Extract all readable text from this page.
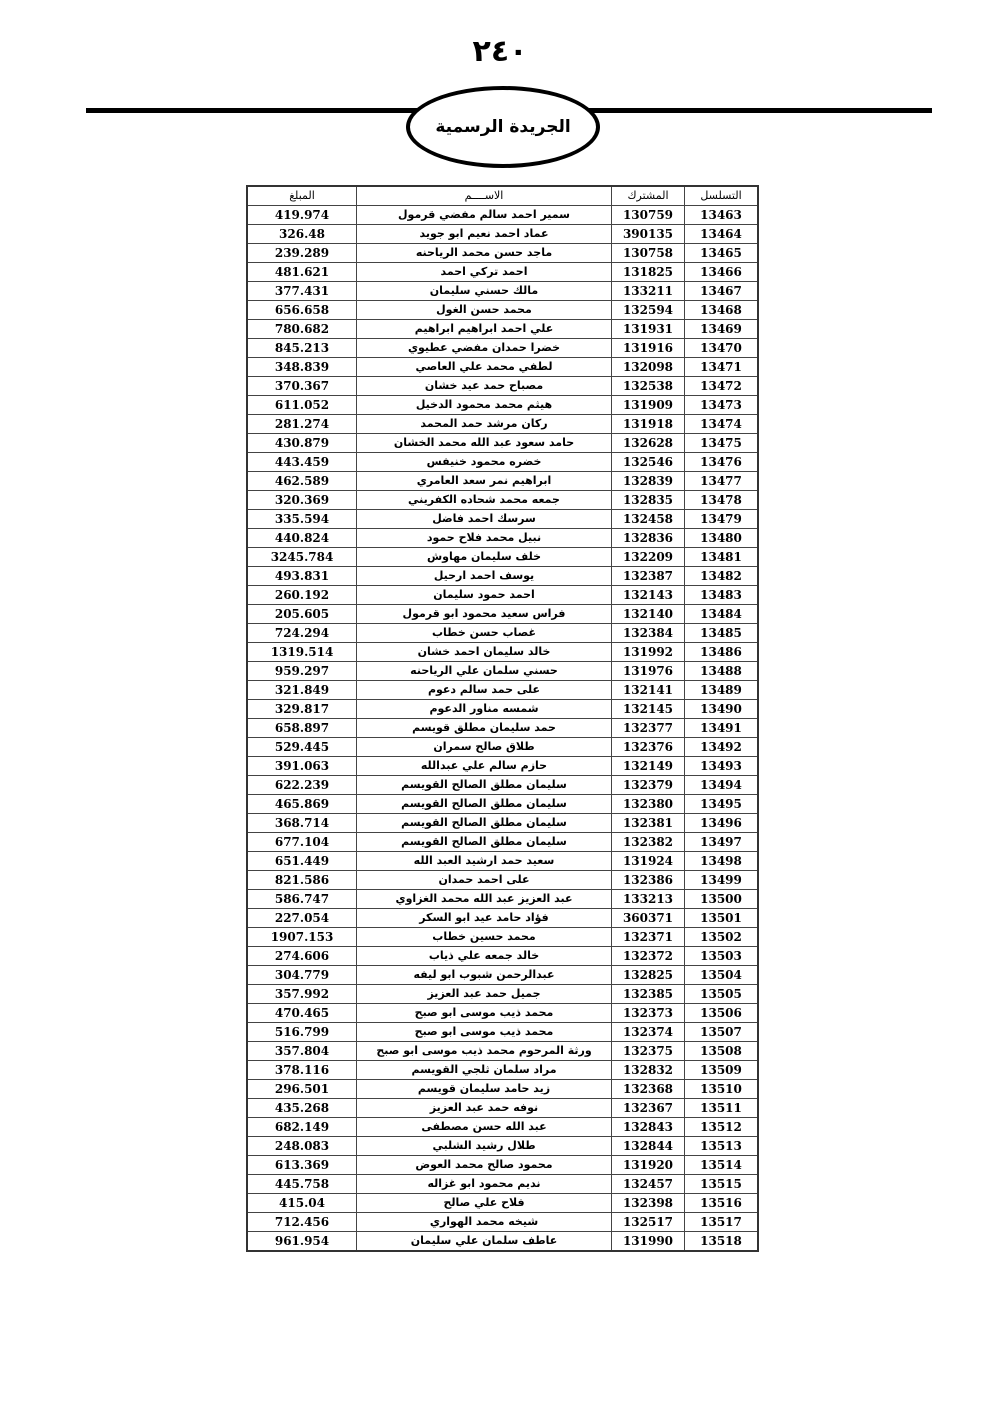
٢٤٠
الجريدة الرسمية
المبلغ	الاســــم	المشترك	التسلسل
419.974	سمير احمد سالم مفضي قرمول	130759	13463
326.48	عماد احمد نعيم ابو جويد	390135	13464
239.289	ماجد حسن محمد الرياحنه	130758	13465
481.621	احمد تركي احمد	131825	13466
377.431	مالك حسني سليمان	133211	13467
656.658	محمد حسن الغول	132594	13468
780.682	علي احمد ابراهيم ابراهيم	131931	13469
845.213	خضرا حمدان مفضي عطيوي	131916	13470
348.839	لطفي محمد علي العاصي	132098	13471
370.367	مصباح حمد عيد خشان	132538	13472
611.052	هيثم محمد محمود الدخيل	131909	13473
281.274	ركان مرشد حمد المحمد	131918	13474
430.879	حامد سعود عبد الله محمد الخشان	132628	13475
443.459	خضره محمود خنيفس	132546	13476
462.589	ابراهيم نمر سعد العامري	132839	13477
320.369	جمعه محمد شحاده الكفريني	132835	13478
335.594	سرسك احمد فاضل	132458	13479
440.824	نبيل محمد فلاح حمود	132836	13480
3245.784	خلف سليمان مهاوش	132209	13481
493.831	يوسف احمد ارحيل	132387	13482
260.192	احمد حمود سليمان	132143	13483
205.605	فراس سعيد محمود ابو قرمول	132140	13484
724.294	غصاب حسن خطاب	132384	13485
1319.514	خالد سليمان احمد خشان	131992	13486
959.297	حسني سلمان علي الرياحنه	131976	13488
321.849	على حمد سالم دعوم	132141	13489
329.817	شمسه مناور الدعوم	132145	13490
658.897	حمد سليمان مطلق قويسم	132377	13491
529.445	طلاق صالح سمران	132376	13492
391.063	حازم سالم علي عبدالله	132149	13493
622.239	سليمان مطلق الصالح القويسم	132379	13494
465.869	سليمان مطلق الصالح القويسم	132380	13495
368.714	سليمان مطلق الصالح القويسم	132381	13496
677.104	سليمان مطلق الصالح القويسم	132382	13497
651.449	سعيد حمد ارشيد العبد الله	131924	13498
821.586	على احمد حمدان	132386	13499
586.747	عبد العزيز عبد الله محمد الغزاوي	133213	13500
227.054	فؤاد حامد عيد ابو السكر	360371	13501
1907.153	محمد حسين خطاب	132371	13502
274.606	خالد جمعه علي ذياب	132372	13503
304.779	عبدالرحمن شبوب ابو ليفه	132825	13504
357.992	جميل حمد عبد العزيز	132385	13505
470.465	محمد ذيب موسى ابو صبح	132373	13506
516.799	محمد ذيب موسى ابو صبح	132374	13507
357.804	ورثة المرحوم محمد ذيب موسى ابو صبح	132375	13508
378.116	مراد سلمان ثلجي القويسم	132832	13509
296.501	زيد حامد سليمان قويسم	132368	13510
435.268	نوفه حمد عبد العزيز	132367	13511
682.149	عبد الله حسن مصطفى	132843	13512
248.083	طلال رشيد الشلبي	132844	13513
613.369	محمود صالح محمد العوض	131920	13514
445.758	نديم محمود ابو غزاله	132457	13515
415.04	فلاح علي صالح	132398	13516
712.456	شيخه محمد الهواري	132517	13517
961.954	عاطف سلمان علي سليمان	131990	13518
